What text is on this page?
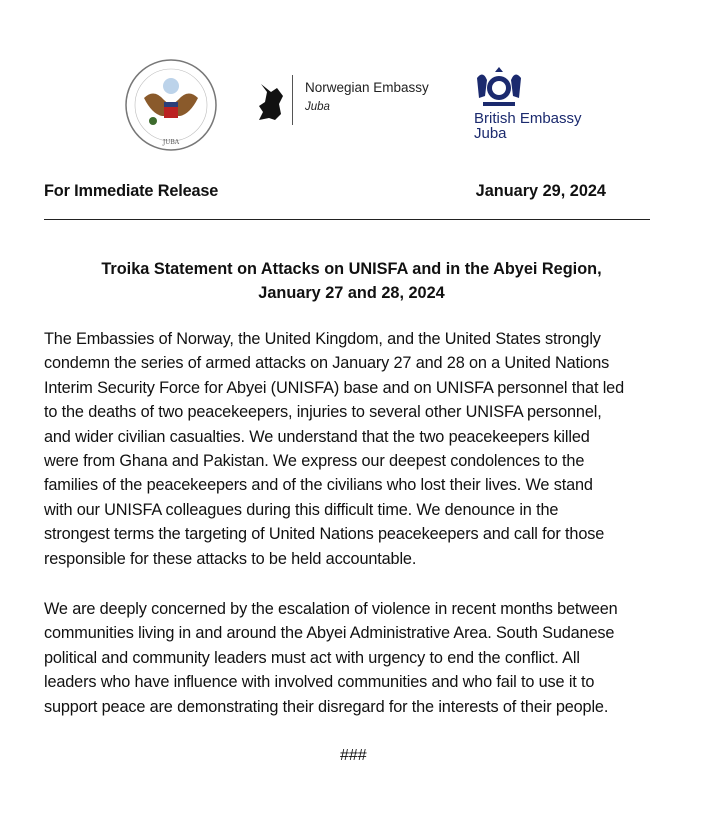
JUBA
Norwegian Embassy
Juba
British Embassy
Juba
For Immediate Release	January 29, 2024
Troika Statement on Attacks on UNISFA and in the Abyei Region,
January 27 and 28, 2024
The Embassies of Norway, the United Kingdom, and the United States strongly
condemn the series of armed attacks on January 27 and 28 on a United Nations
Interim Security Force for Abyei (UNISFA) base and on UNISFA personnel that led
to the deaths of two peacekeepers, injuries to several other UNISFA personnel,
and wider civilian casualties. We understand that the two peacekeepers killed
were from Ghana and Pakistan. We express our deepest condolences to the
families of the peacekeepers and of the civilians who lost their lives. We stand
with our UNISFA colleagues during this difficult time. We denounce in the
strongest terms the targeting of United Nations peacekeepers and call for those
responsible for these attacks to be held accountable.
We are deeply concerned by the escalation of violence in recent months between
communities living in and around the Abyei Administrative Area. South Sudanese
political and community leaders must act with urgency to end the conflict. All
leaders who have influence with involved communities and who fail to use it to
support peace are demonstrating their disregard for the interests of their people.
###
